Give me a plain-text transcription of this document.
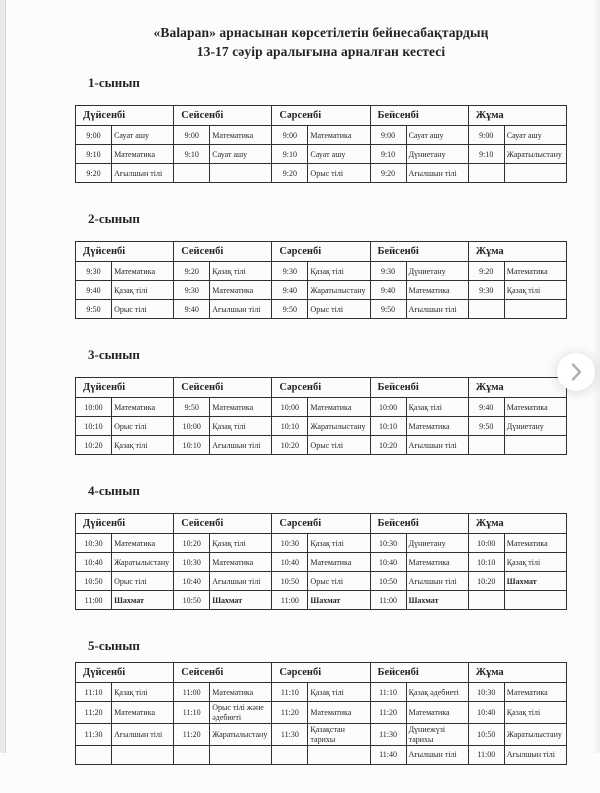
«Balapan» арнасынан көрсетілетін бейнесабақтардың
13-17 сәуір аралығына арналған кестесі
1-сынып
Дүйсенбі		Сейсенбі		Сәрсенбі		Бейсенбі		Жұма	
9:00	Сауат ашу	9:00	Математика	9:00	Математика	9:00	Сауат ашу	9:00	Сауат ашу
9:10	Математика	9:10	Сауат ашу	9:10	Сауат ашу	9:10	Дүниетану	9:10	Жаратылыстану
9:20	Ағылшын тілі			9:20	Орыс тілі	9:20	Ағылшын тілі		
2-сынып
Дүйсенбі		Сейсенбі		Сәрсенбі		Бейсенбі		Жұма	
9:30	Математика	9:20	Қазақ тілі	9:30	Қазақ тілі	9:30	Дүниетану	9:20	Математика
9:40	Қазақ тілі	9:30	Математика	9:40	Жаратылыстану	9:40	Математика	9:30	Қазақ тілі
9:50	Орыс тілі	9:40	Ағылшын тілі	9:50	Орыс тілі	9:50	Ағылшын тілі		
3-сынып
Дүйсенбі		Сейсенбі		Сәрсенбі		Бейсенбі		Жұма	
10:00	Математика	9:50	Математика	10:00	Математика	10:00	Қазақ тілі	9:40	Математика
10:10	Орыс тілі	10:00	Қазақ тілі	10:10	Жаратылыстану	10:10	Математика	9:50	Дүниетану
10:20	Қазақ тілі	10:10	Ағылшын тілі	10:20	Орыс тілі	10:20	Ағылшын тілі		
4-сынып
Дүйсенбі		Сейсенбі		Сәрсенбі		Бейсенбі		Жұма	
10:30	Математика	10:20	Қазақ тілі	10:30	Қазақ тілі	10:30	Дүниетану	10:00	Математика
10:40	Жаратылыстану	10:30	Математика	10:40	Математика	10:40	Математика	10:10	Қазақ тілі
10:50	Орыс тілі	10:40	Ағылшын тілі	10:50	Орыс тілі	10:50	Ағылшын тілі	10:20	Шахмат
11:00	Шахмат	10:50	Шахмат	11:00	Шахмат	11:00	Шахмат		
5-сынып
Дүйсенбі		Сейсенбі		Сәрсенбі		Бейсенбі		Жұма	
11:10	Қазақ тілі	11:00	Математика	11:10	Қазақ тілі	11:10	Қазақ әдебиеті	10:30	Математика
11:20	Математика	11:10	Орыс тілі және әдебиеті	11:20	Математика	11:20	Математика	10:40	Қазақ тілі
11:30	Ағылшын тілі	11:20	Жаратылыстану	11:30	Қазақстан тарихы	11:30	Дүниежүзі тарихы	10:50	Жаратылыстану
						11:40	Ағылшын тілі	11:00	Ағылшын тілі
